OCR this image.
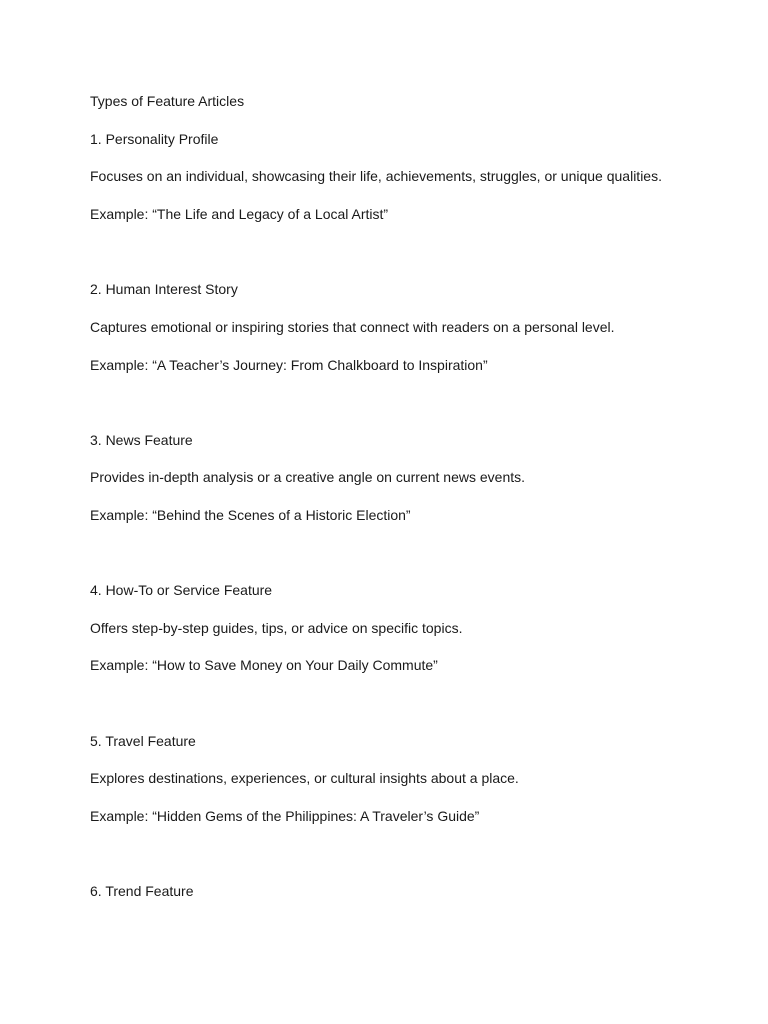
Types of Feature Articles

1. Personality Profile

Focuses on an individual, showcasing their life, achievements, struggles, or unique qualities.

Example: “The Life and Legacy of a Local Artist”

2. Human Interest Story

Captures emotional or inspiring stories that connect with readers on a personal level.

Example: “A Teacher’s Journey: From Chalkboard to Inspiration”

3. News Feature

Provides in-depth analysis or a creative angle on current news events.

Example: “Behind the Scenes of a Historic Election”

4. How-To or Service Feature

Offers step-by-step guides, tips, or advice on specific topics.

Example: “How to Save Money on Your Daily Commute”

5. Travel Feature

Explores destinations, experiences, or cultural insights about a place.

Example: “Hidden Gems of the Philippines: A Traveler’s Guide”

6. Trend Feature
